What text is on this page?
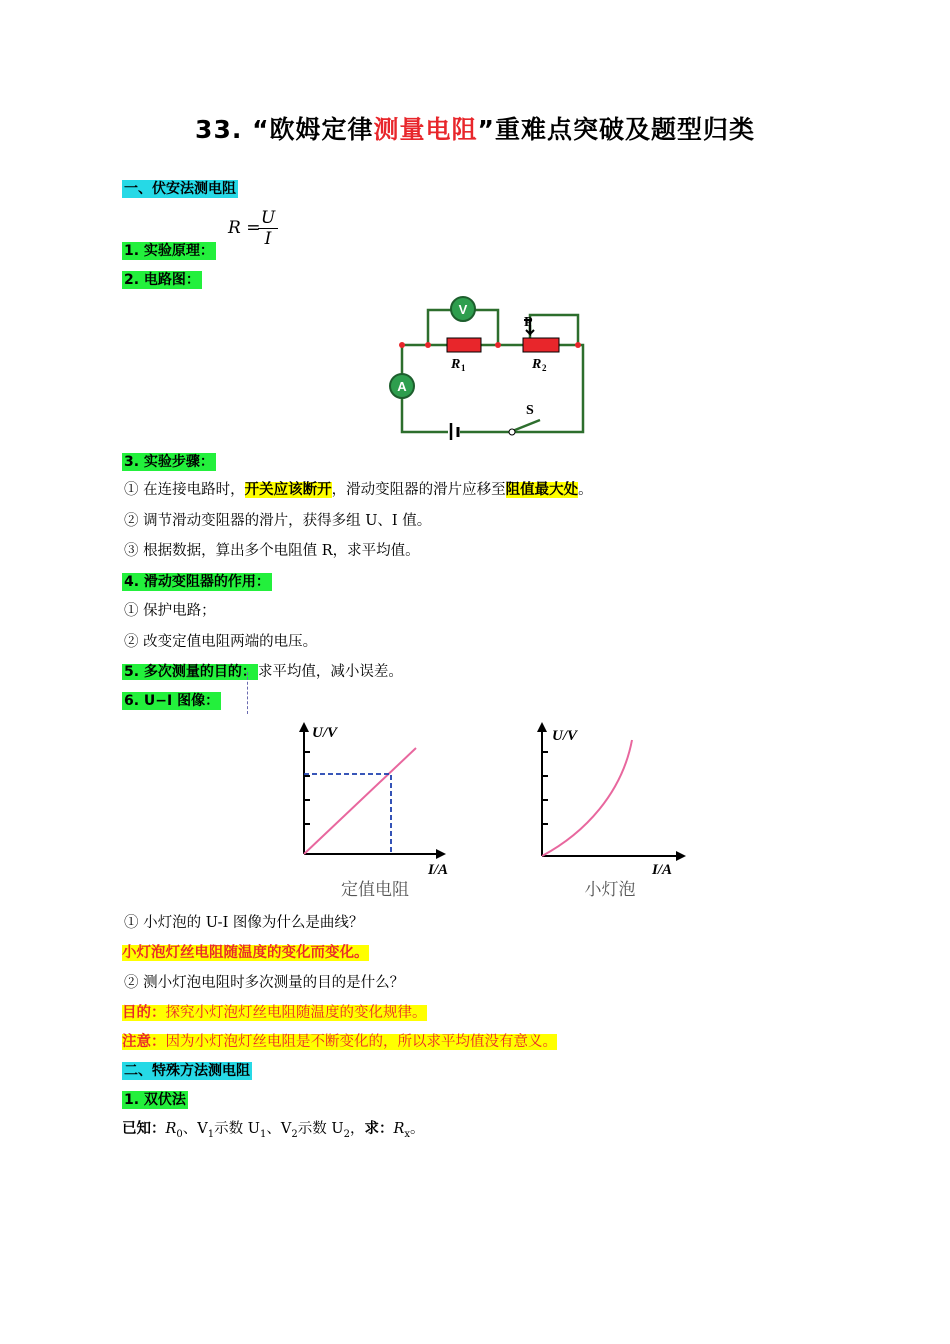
33. “欧姆定律测量电阻”重难点突破及题型归类
一、伏安法测电阻
R = U
I
1. 实验原理：
2. 电路图：
V
A
P
R 1	R 2
S
3. 实验步骤：
① 在连接电路时，开关应该断开，滑动变阻器的滑片应移至阻值最大处。
② 调节滑动变阻器的滑片，获得多组 U、I 值。
③ 根据数据，算出多个电阻值 R，求平均值。
4. 滑动变阻器的作用：
① 保护电路；
② 改变定值电阻两端的电压。
5. 多次测量的目的： 求平均值，减小误差。
6. U−I 图像：
U/V
I/A
定值电阻
U/V
I/A
小灯泡
① 小灯泡的 U-I 图像为什么是曲线？
小灯泡灯丝电阻随温度的变化而变化。
② 测小灯泡电阻时多次测量的目的是什么？
目的：探究小灯泡灯丝电阻随温度的变化规律。
注意：因为小灯泡灯丝电阻是不断变化的，所以求平均值没有意义。
二、特殊方法测电阻
1. 双伏法
已知：$R_0$、$V_1$示数 $U_1$、$V_2$示数 $U_2$，求：$R_x$。
